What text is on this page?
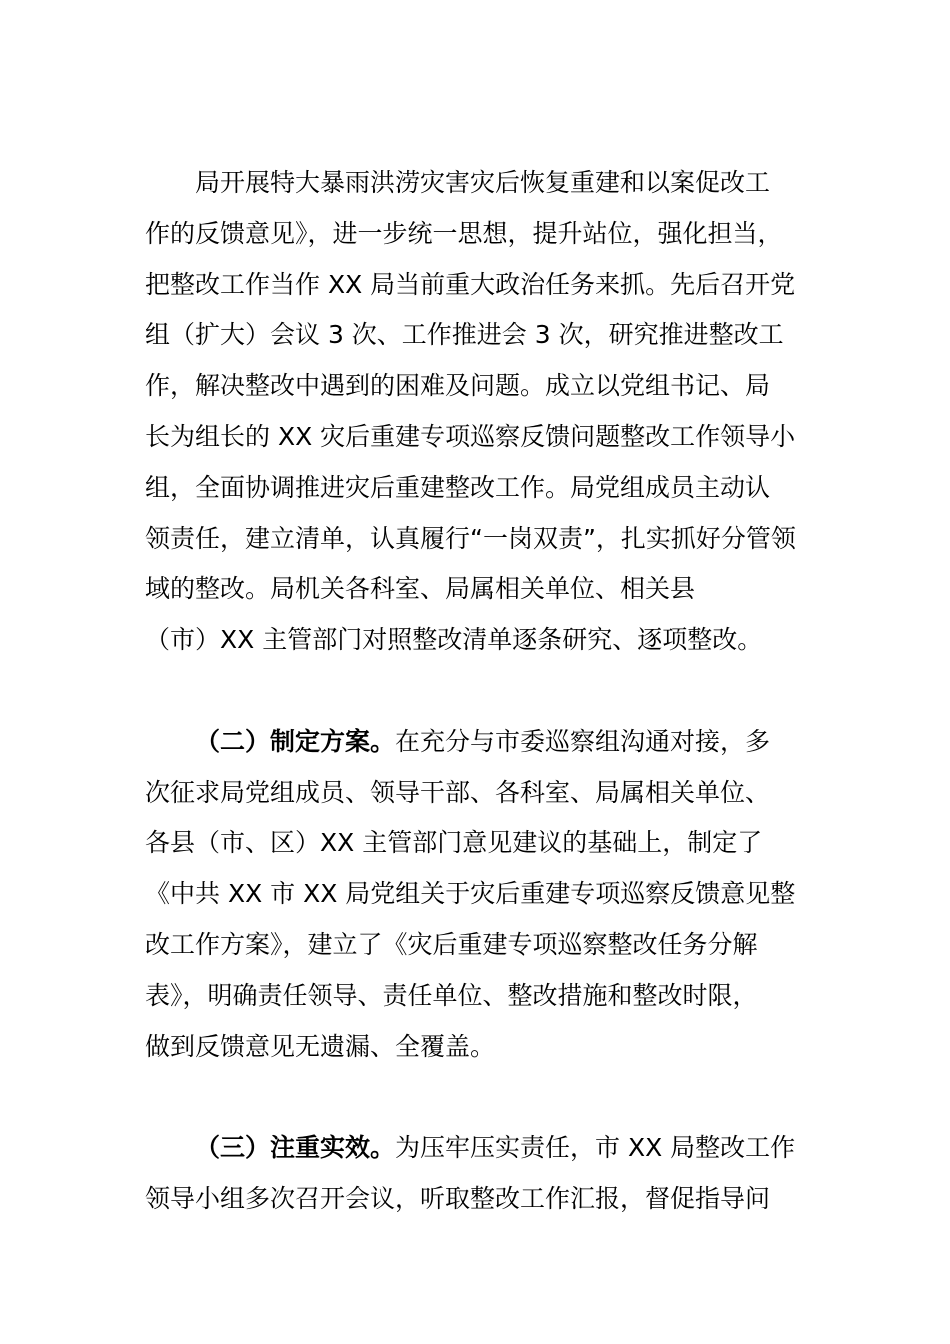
局开展特大暴雨洪涝灾害灾后恢复重建和以案促改工
作的反馈意见》，进一步统一思想，提升站位，强化担当，
把整改工作当作 XX 局当前重大政治任务来抓。先后召开党
组（扩大）会议 3 次、工作推进会 3 次，研究推进整改工
作，解决整改中遇到的困难及问题。成立以党组书记、局
长为组长的 XX 灾后重建专项巡察反馈问题整改工作领导小
组，全面协调推进灾后重建整改工作。局党组成员主动认
领责任，建立清单，认真履行“一岗双责”，扎实抓好分管领
域的整改。局机关各科室、局属相关单位、相关县
（市）XX 主管部门对照整改清单逐条研究、逐项整改。
（二）制定方案。在充分与市委巡察组沟通对接，多
次征求局党组成员、领导干部、各科室、局属相关单位、
各县（市、区）XX 主管部门意见建议的基础上，制定了
《中共 XX 市 XX 局党组关于灾后重建专项巡察反馈意见整
改工作方案》，建立了《灾后重建专项巡察整改任务分解
表》，明确责任领导、责任单位、整改措施和整改时限，
做到反馈意见无遗漏、全覆盖。
（三）注重实效。为压牢压实责任，市 XX 局整改工作
领导小组多次召开会议，听取整改工作汇报，督促指导问
